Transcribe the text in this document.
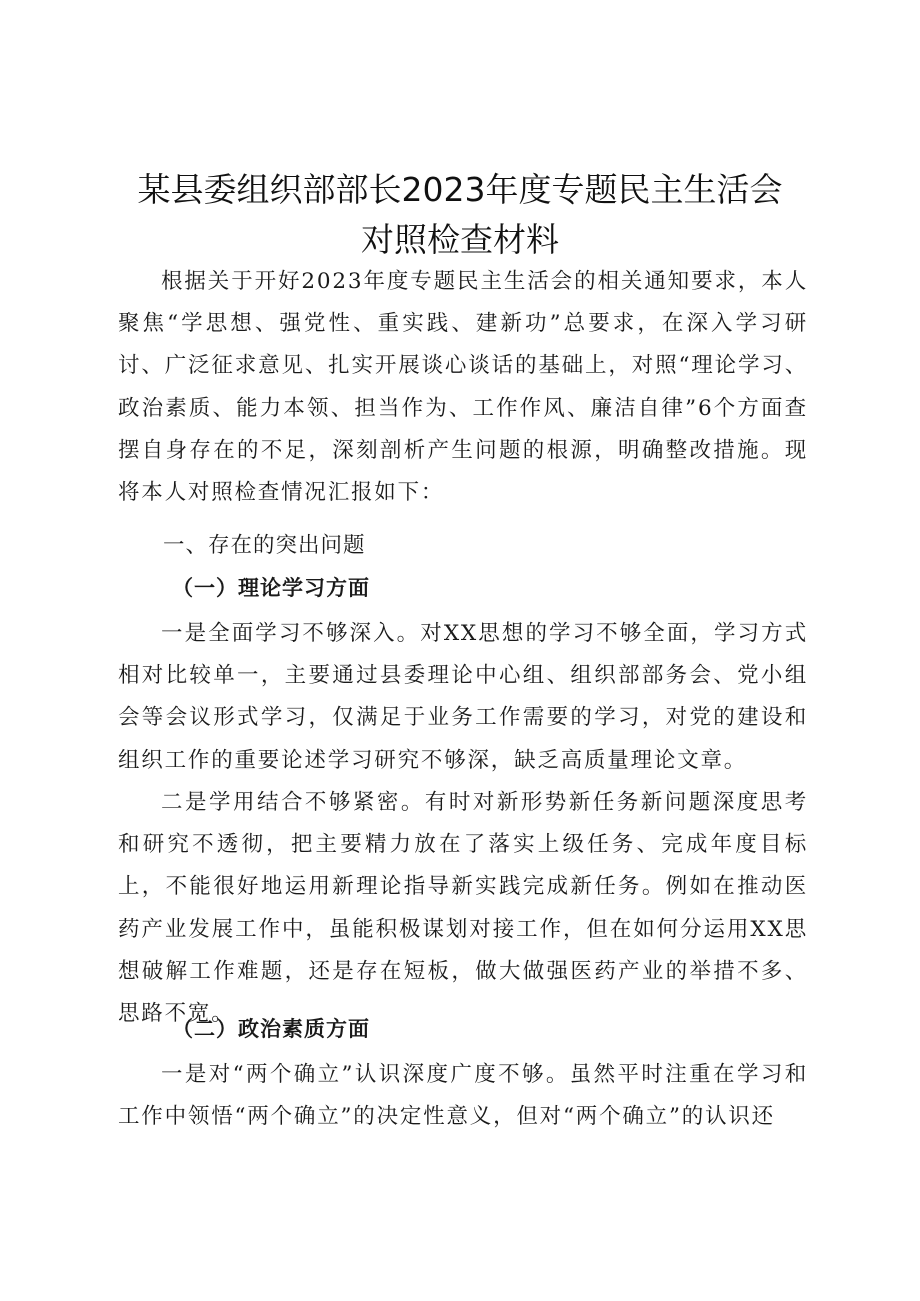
某县委组织部部长2023年度专题民主生活会
对照检查材料

根据关于开好2023年度专题民主生活会的相关通知要求，本人聚焦“学思想、强党性、重实践、建新功”总要求，在深入学习研讨、广泛征求意见、扎实开展谈心谈话的基础上，对照“理论学习、政治素质、能力本领、担当作为、工作作风、廉洁自律”6个方面查摆自身存在的不足，深刻剖析产生问题的根源，明确整改措施。现将本人对照检查情况汇报如下：

一、存在的突出问题

（一）理论学习方面

一是全面学习不够深入。对XX思想的学习不够全面，学习方式相对比较单一，主要通过县委理论中心组、组织部部务会、党小组会等会议形式学习，仅满足于业务工作需要的学习，对党的建设和组织工作的重要论述学习研究不够深，缺乏高质量理论文章。

二是学用结合不够紧密。有时对新形势新任务新问题深度思考和研究不透彻，把主要精力放在了落实上级任务、完成年度目标上，不能很好地运用新理论指导新实践完成新任务。例如在推动医药产业发展工作中，虽能积极谋划对接工作，但在如何分运用XX思想破解工作难题，还是存在短板，做大做强医药产业的举措不多、思路不宽。

（二）政治素质方面

一是对“两个确立”认识深度广度不够。虽然平时注重在学习和工作中领悟“两个确立”的决定性意义，但对“两个确立”的认识还
